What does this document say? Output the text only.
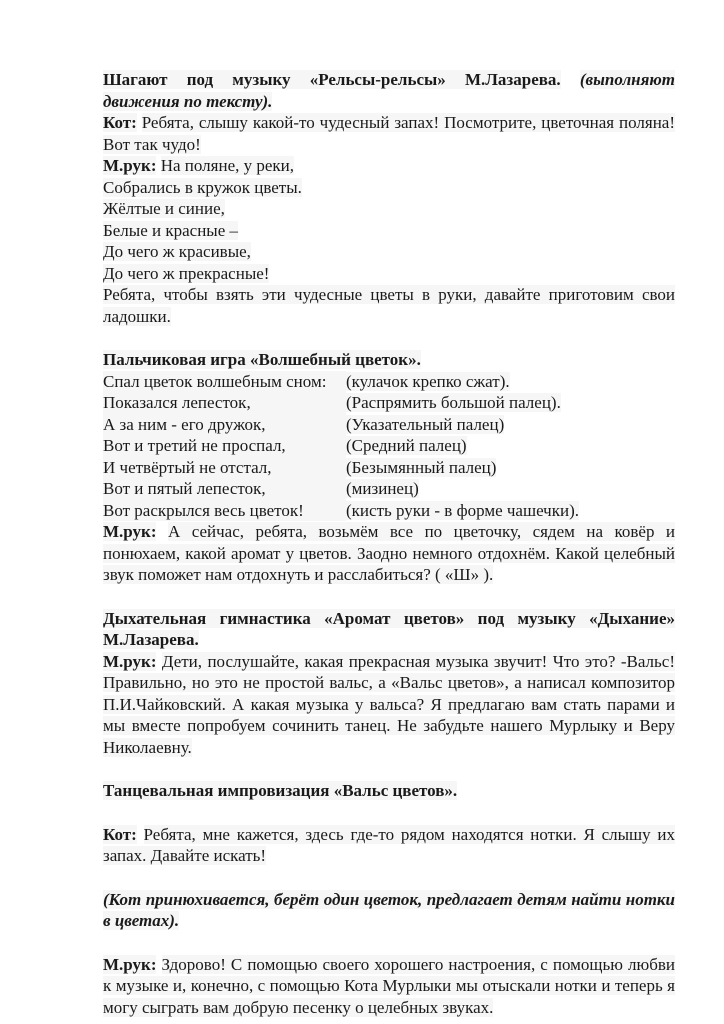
Шагают под музыку «Рельсы-рельсы» М.Лазарева. (выполняют движения по тексту).

Кот: Ребята, слышу какой-то чудесный запах! Посмотрите, цветочная поляна! Вот так чудо!

М.рук: На поляне, у реки,

Собрались в кружок цветы.

Жёлтые и синие,

Белые и красные –

До чего ж красивые,

До чего ж прекрасные!

Ребята, чтобы взять эти чудесные цветы в руки, давайте приготовим свои ладошки.

Пальчиковая игра «Волшебный цветок».

Спал цветок волшебным сном: (кулачок крепко сжат).

Показался лепесток,	(Распрямить большой палец).

А за ним - его дружок,	(Указательный палец)

Вот и третий не проспал,	(Средний палец)

И четвёртый не отстал,	(Безымянный палец)

Вот и пятый лепесток,	(мизинец)

Вот раскрылся весь цветок! (кисть руки - в форме чашечки).

М.рук: А сейчас, ребята, возьмём все по цветочку, сядем на ковёр и понюхаем, какой аромат у цветов. Заодно немного отдохнём. Какой целебный звук поможет нам отдохнуть и расслабиться? ( «Ш» ).

Дыхательная гимнастика «Аромат цветов» под музыку «Дыхание» М.Лазарева.

М.рук: Дети, послушайте, какая прекрасная музыка звучит! Что это? -Вальс! Правильно, но это не простой вальс, а «Вальс цветов», а написал композитор П.И.Чайковский. А какая музыка у вальса? Я предлагаю вам стать парами и мы вместе попробуем сочинить танец. Не забудьте нашего Мурлыку и Веру Николаевну.

Танцевальная импровизация «Вальс цветов».

Кот: Ребята, мне кажется, здесь где-то рядом находятся нотки. Я слышу их запах. Давайте искать!

(Кот принюхивается, берёт один цветок, предлагает детям найти нотки в цветах).

М.рук: Здорово! С помощью своего хорошего настроения, с помощью любви к музыке и, конечно, с помощью Кота Мурлыки мы отыскали нотки и теперь я могу сыграть вам добрую песенку о целебных звуках.
